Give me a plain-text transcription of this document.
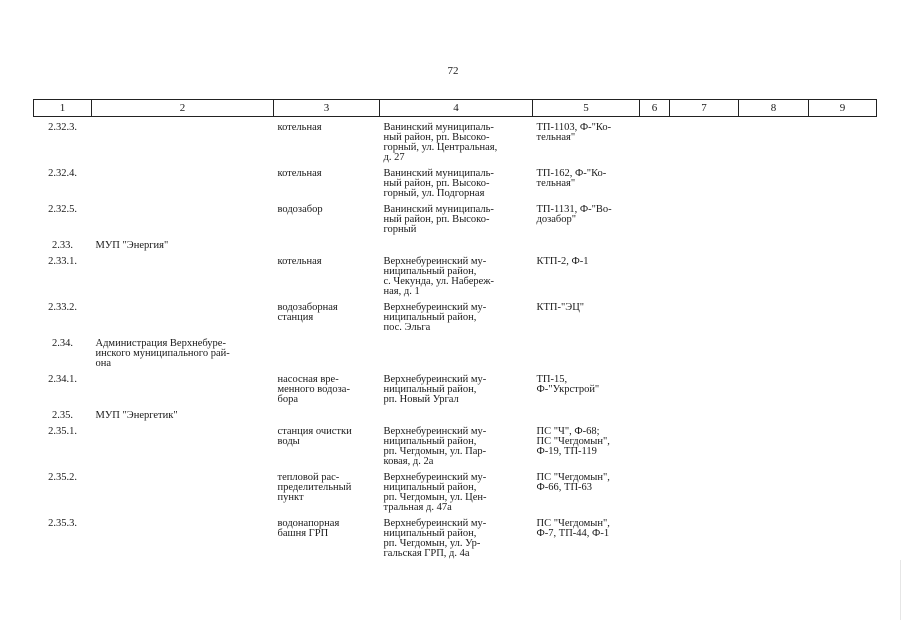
72
1	2	3	4	5	6	7	8	9

2.32.3.		котельная	Ванинский муниципаль-
ный район, рп. Высоко-
горный, ул. Центральная,
д. 27	ТП-1103, Ф-"Ко-
тельная"				

2.32.4.		котельная	Ванинский муниципаль-
ный район, рп. Высоко-
горный, ул. Подгорная	ТП-162, Ф-"Ко-
тельная"				

2.32.5.		водозабор	Ванинский муниципаль-
ный район, рп. Высоко-
горный	ТП-1131, Ф-"Во-
дозабор"				

2.33.	МУП "Энергия"							

2.33.1.		котельная	Верхнебуреинский му-
ниципальный район,
с. Чекунда, ул. Набереж-
ная, д. 1	КТП-2, Ф-1				

2.33.2.		водозаборная
станция	Верхнебуреинский му-
ниципальный район,
пос. Эльга	КТП-"ЭЦ"				

2.34.	Администрация Верхнебуре-
инского муниципального рай-
она							

2.34.1.		насосная вре-
менного водоза-
бора	Верхнебуреинский му-
ниципальный район,
рп. Новый Ургал	ТП-15,
Ф-"Укрстрой"				

2.35.	МУП "Энергетик"							

2.35.1.		станция очистки
воды	Верхнебуреинский му-
ниципальный район,
рп. Чегдомын, ул. Пар-
ковая, д. 2а	ПС "Ч", Ф-68;
ПС "Чегдомын",
Ф-19, ТП-119				

2.35.2.		тепловой рас-
пределительный
пункт	Верхнебуреинский му-
ниципальный район,
рп. Чегдомын, ул. Цен-
тральная д. 47а	ПС "Чегдомын",
Ф-66, ТП-63				

2.35.3.		водонапорная
башня ГРП	Верхнебуреинский му-
ниципальный район,
рп. Чегдомын, ул. Ур-
гальская ГРП, д. 4а	ПС "Чегдомын",
Ф-7, ТП-44, Ф-1				
